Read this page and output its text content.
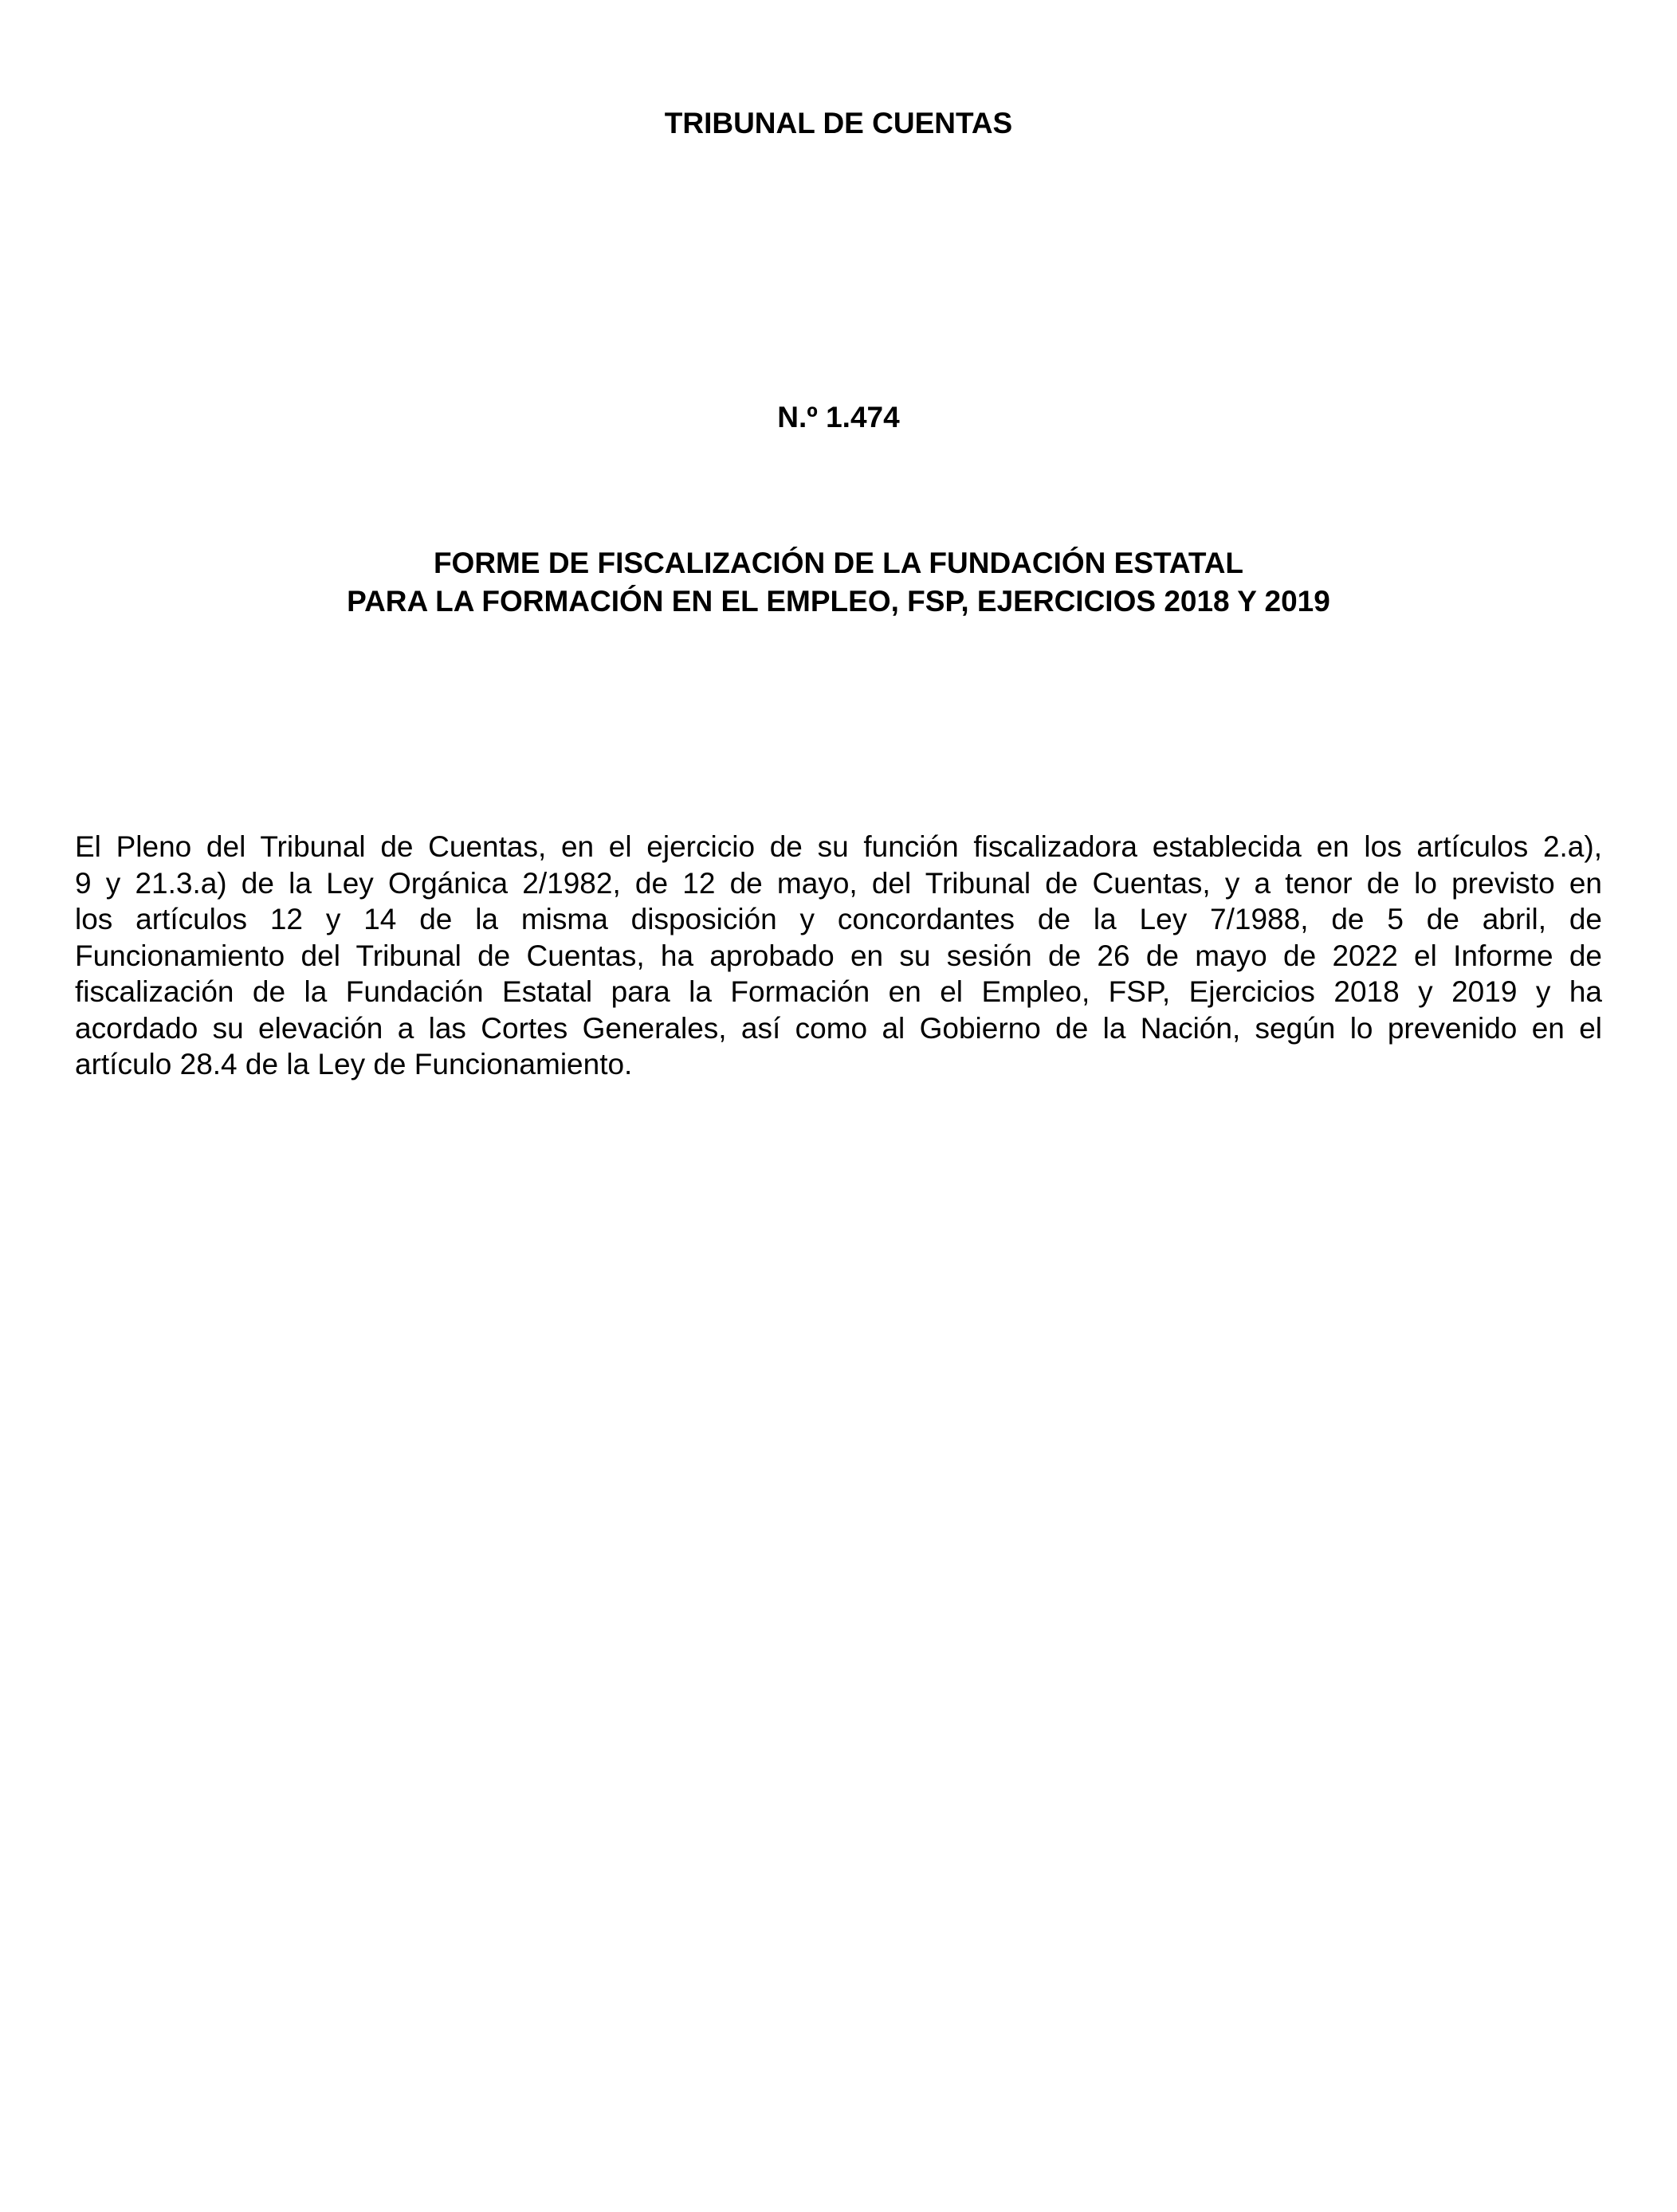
TRIBUNAL DE CUENTAS
N.º 1.474
FORME DE FISCALIZACIÓN DE LA FUNDACIÓN ESTATAL
PARA LA FORMACIÓN EN EL EMPLEO, FSP, EJERCICIOS 2018 Y 2019

El Pleno del Tribunal de Cuentas, en el ejercicio de su función fiscalizadora establecida en los artículos 2.a),
9 y 21.3.a) de la Ley Orgánica 2/1982, de 12 de mayo, del Tribunal de Cuentas, y a tenor de lo previsto en
los artículos 12 y 14 de la misma disposición y concordantes de la Ley 7/1988, de 5 de abril, de
Funcionamiento del Tribunal de Cuentas, ha aprobado en su sesión de 26 de mayo de 2022 el Informe de
fiscalización de la Fundación Estatal para la Formación en el Empleo, FSP, Ejercicios 2018 y 2019 y ha
acordado su elevación a las Cortes Generales, así como al Gobierno de la Nación, según lo prevenido en el
artículo 28.4 de la Ley de Funcionamiento.
